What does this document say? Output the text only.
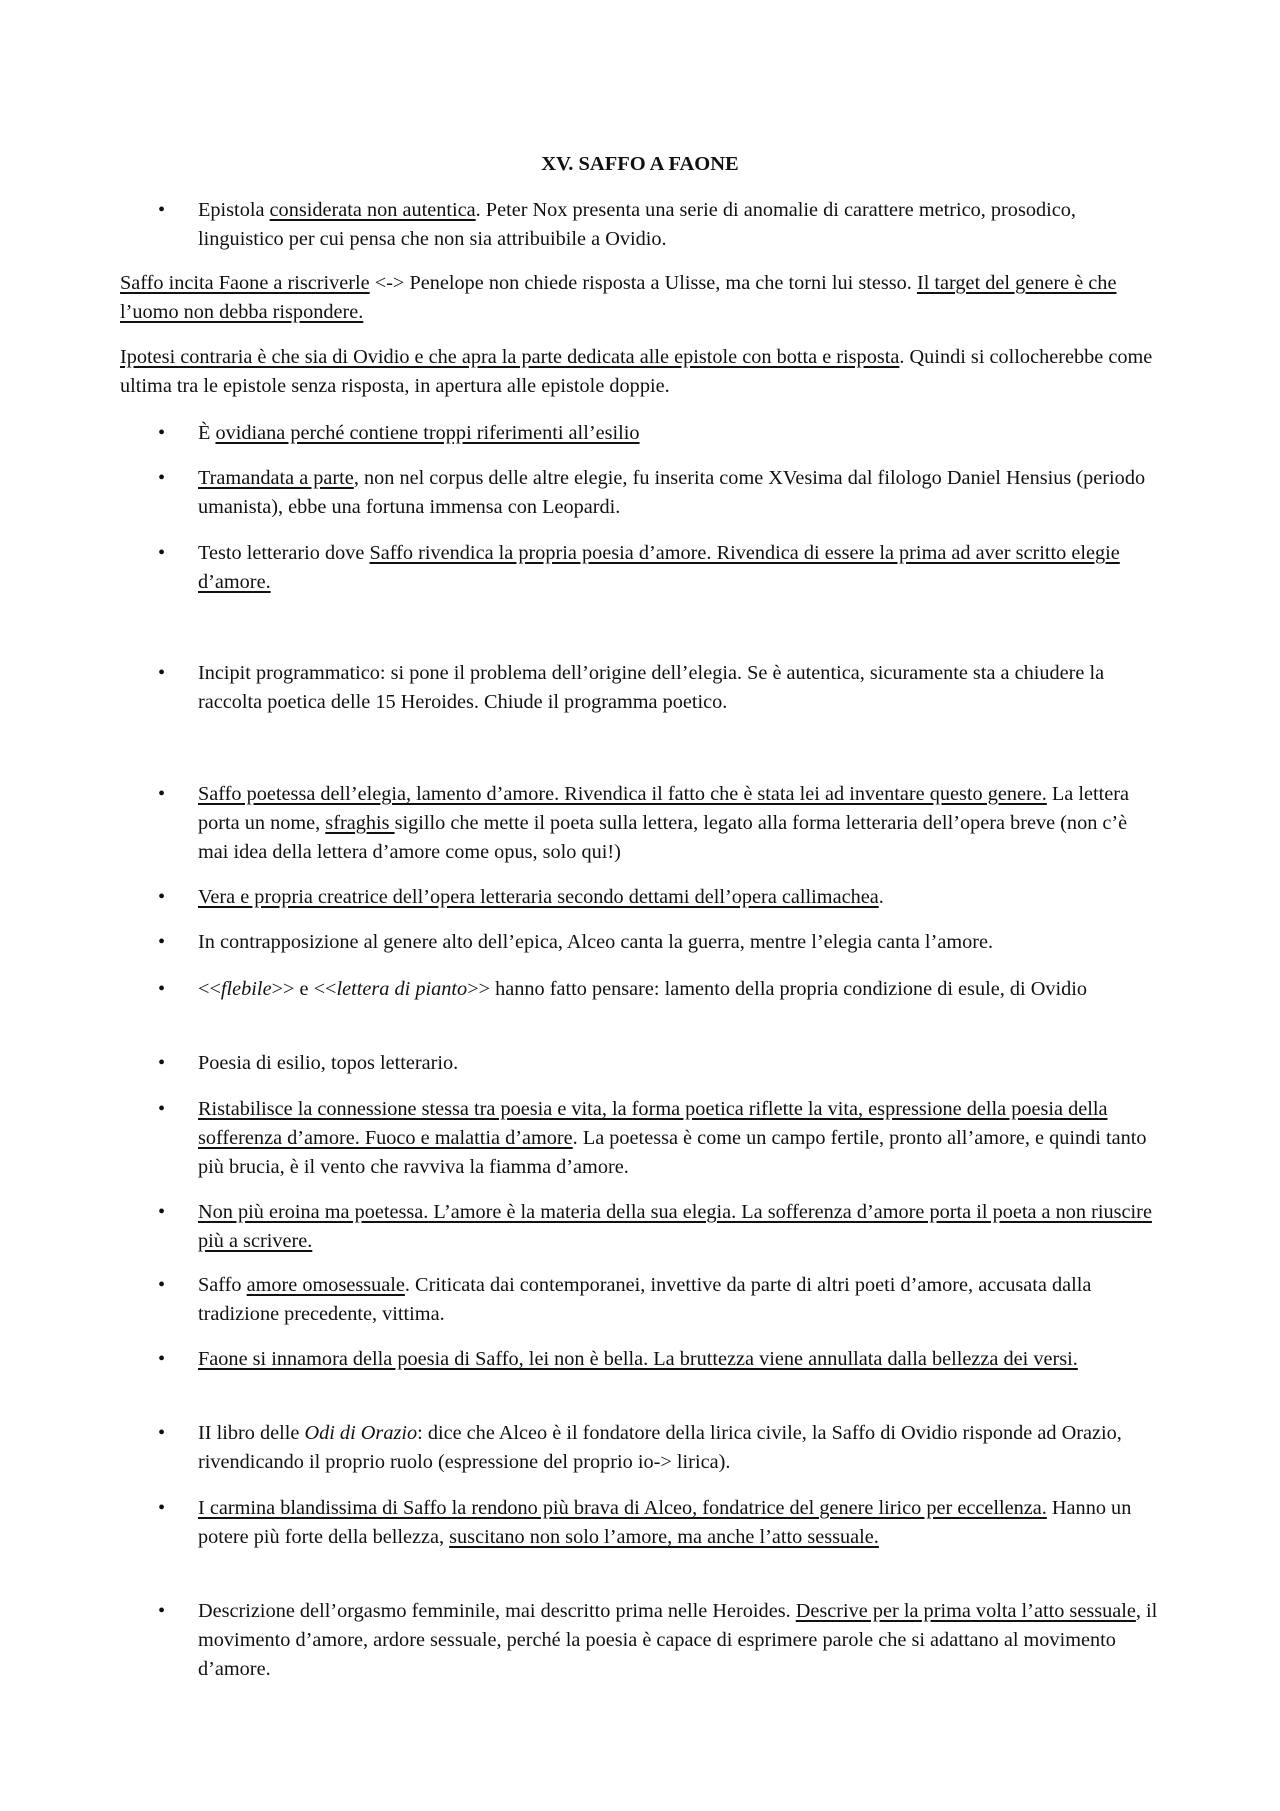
XV. SAFFO A FAONE
• Epistola considerata non autentica. Peter Nox presenta una serie di anomalie di carattere metrico, prosodico, linguistico per cui pensa che non sia attribuibile a Ovidio.
Saffo incita Faone a riscriverle <-> Penelope non chiede risposta a Ulisse, ma che torni lui stesso. Il target del genere è che l’uomo non debba rispondere.
Ipotesi contraria è che sia di Ovidio e che apra la parte dedicata alle epistole con botta e risposta. Quindi si collocherebbe come ultima tra le epistole senza risposta, in apertura alle epistole doppie.
• È ovidiana perché contiene troppi riferimenti all’esilio
• Tramandata a parte, non nel corpus delle altre elegie, fu inserita come XVesima dal filologo Daniel Hensius (periodo umanista), ebbe una fortuna immensa con Leopardi.
• Testo letterario dove Saffo rivendica la propria poesia d’amore. Rivendica di essere la prima ad aver scritto elegie d’amore.
• Incipit programmatico: si pone il problema dell’origine dell’elegia. Se è autentica, sicuramente sta a chiudere la raccolta poetica delle 15 Heroides. Chiude il programma poetico.
• Saffo poetessa dell’elegia, lamento d’amore. Rivendica il fatto che è stata lei ad inventare questo genere. La lettera porta un nome, sfraghis sigillo che mette il poeta sulla lettera, legato alla forma letteraria dell’opera breve (non c’è mai idea della lettera d’amore come opus, solo qui!)
• Vera e propria creatrice dell’opera letteraria secondo dettami dell’opera callimachea.
• In contrapposizione al genere alto dell’epica, Alceo canta la guerra, mentre l’elegia canta l’amore.
• <<flebile>> e <<lettera di pianto>> hanno fatto pensare: lamento della propria condizione di esule, di Ovidio
• Poesia di esilio, topos letterario.
• Ristabilisce la connessione stessa tra poesia e vita, la forma poetica riflette la vita, espressione della poesia della sofferenza d’amore. Fuoco e malattia d’amore. La poetessa è come un campo fertile, pronto all’amore, e quindi tanto più brucia, è il vento che ravviva la fiamma d’amore.
• Non più eroina ma poetessa. L’amore è la materia della sua elegia. La sofferenza d’amore porta il poeta a non riuscire più a scrivere.
• Saffo amore omosessuale. Criticata dai contemporanei, invettive da parte di altri poeti d’amore, accusata dalla tradizione precedente, vittima.
• Faone si innamora della poesia di Saffo, lei non è bella. La bruttezza viene annullata dalla bellezza dei versi.
• II libro delle Odi di Orazio: dice che Alceo è il fondatore della lirica civile, la Saffo di Ovidio risponde ad Orazio, rivendicando il proprio ruolo (espressione del proprio io-> lirica).
• I carmina blandissima di Saffo la rendono più brava di Alceo, fondatrice del genere lirico per eccellenza. Hanno un potere più forte della bellezza, suscitano non solo l’amore, ma anche l’atto sessuale.
• Descrizione dell’orgasmo femminile, mai descritto prima nelle Heroides. Descrive per la prima volta l’atto sessuale, il movimento d’amore, ardore sessuale, perché la poesia è capace di esprimere parole che si adattano al movimento d’amore.
